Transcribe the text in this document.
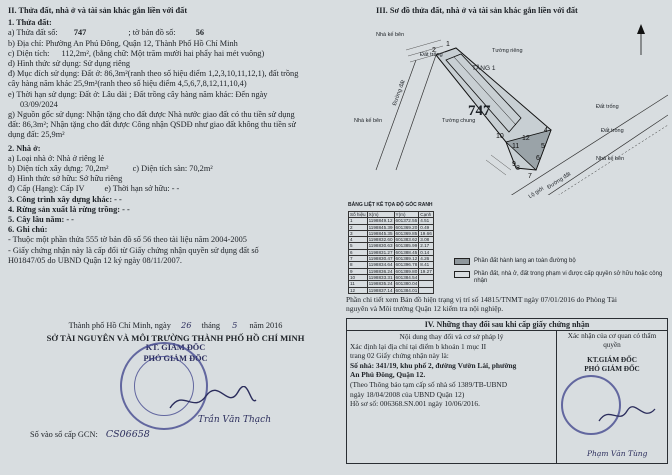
II. Thửa đất, nhà ở và tài sản khác gắn liền với đất
1. Thửa đất:
a) Thửa đất số: 747	; tờ bản đồ số: 56
b) Địa chỉ: Phường An Phú Đông, Quận 12, Thành Phố Hồ Chí Minh
c) Diện tích: 112,2m², (bằng chữ: Một trăm mười hai phẩy hai mét vuông)
d) Hình thức sử dụng: Sử dụng riêng
đ) Mục đích sử dụng: Đất ở: 86,3m²(ranh theo số hiệu điểm 1,2,3,10,11,12,1), đất trồng
cây hàng năm khác 25,9m²(ranh theo số hiệu điểm 4,5,6,7,8,12,11,10,4)
e) Thời hạn sử dụng: Đất ở: Lâu dài ; Đất trồng cây hàng năm khác: Đến ngày
03/09/2024
g) Nguồn gốc sử dụng: Nhận tặng cho đất được Nhà nước giao đất có thu tiền sử dụng
đất: 86,3m²; Nhận tặng cho đất được Công nhận QSDĐ như giao đất không thu tiền sử
dụng đất: 25,9m²
2. Nhà ở:
a) Loại nhà ở: Nhà ở riêng lẻ
b) Diện tích xây dựng: 70,2m²	c) Diện tích sàn: 70,2m²
d) Hình thức sở hữu: Sở hữu riêng
đ) Cấp (Hạng): Cấp IV e) Thời hạn sở hữu: - -
3. Công trình xây dựng khác: - -
4. Rừng sản xuất là rừng trồng: - -
5. Cây lâu năm: - -
6. Ghi chú:
- Thuộc một phần thửa 555 tờ bản đồ số 56 theo tài liệu năm 2004-2005
- Giấy chứng nhận này là cấp đổi từ Giấy chứng nhận quyền sử dụng đất số
H01847/05 do UBND Quận 12 ký ngày 08/11/2007.
Thành phố Hồ Chí Minh, ngày 26 tháng 5 năm 2016
SỞ TÀI NGUYÊN VÀ MÔI TRƯỜNG THÀNH PHỐ HỒ CHÍ MINH
KT. GIÁM ĐỐC
PHÓ GIÁM ĐỐC
Trần Văn Thạch
Số vào sổ cấp GCN: CS06658
III. Sơ đồ thửa đất, nhà ở và tài sản khác gắn liền với đất
1
2
10
11
12
7
6
8
5
4
9
747
TẦNG 1
Nhà kế bên
Nhà kế bên
Nhà kế bên
Đất trống
Đất trống
Đất trống
Đường đất
Đường đất
Lộ giới
Tường chung
Tường riêng
BẢNG LIỆT KÊ TỌA ĐỘ GÓC RANH
Số hiệu	X(m)	Y(m)	Cạnh
1	1198849.12	601372.55	4.51
2	1198845.39	601369.20	0.49
3	1198845.35	601369.85	19.66
4	1198832.60	601383.62	3.08
5	1198830.63	601385.99	2.17
6	1198831.27	601388.45	0.14
7	1198830.47	601389.12	4.26
8	1198834.64	601396.78	8.41
9	1198836.24	601389.80	19.27
10	1198833.31	601384.54	
11	1198835.24	601380.04	
12	1198837.14	601384.01	
Phần đất hành lang an toàn đường bộ
Phần đất, nhà ở, đất trong phạm vi được cấp quyền sở hữu hoặc công nhận
Phần chi tiết xem Bản đồ hiện trạng vị trí số 14815/TNMT ngày 07/01/2016 do Phòng Tài
nguyên và Môi trường Quận 12 kiểm tra nội nghiệp.
IV. Những thay đổi sau khi cấp giấy chứng nhận
Nội dung thay đổi và cơ sở pháp lý
Xác định lại địa chỉ tại điểm b khoản 1 mục II
trang 02 Giấy chứng nhận này là:
Số nhà: 341/19, khu phố 2, đường Vườn Lài, phường
An Phú Đông, Quận 12.
(Theo Thông báo tạm cấp số nhà số 1389/TB-UBND
ngày 18/04/2008 của UBND Quận 12)
Hồ sơ số: 006368.SN.001 ngày 10/06/2016.
Xác nhận của cơ quan có thẩm quyền
KT.GIÁM ĐỐC
PHÓ GIÁM ĐỐC
Phạm Văn Tùng
